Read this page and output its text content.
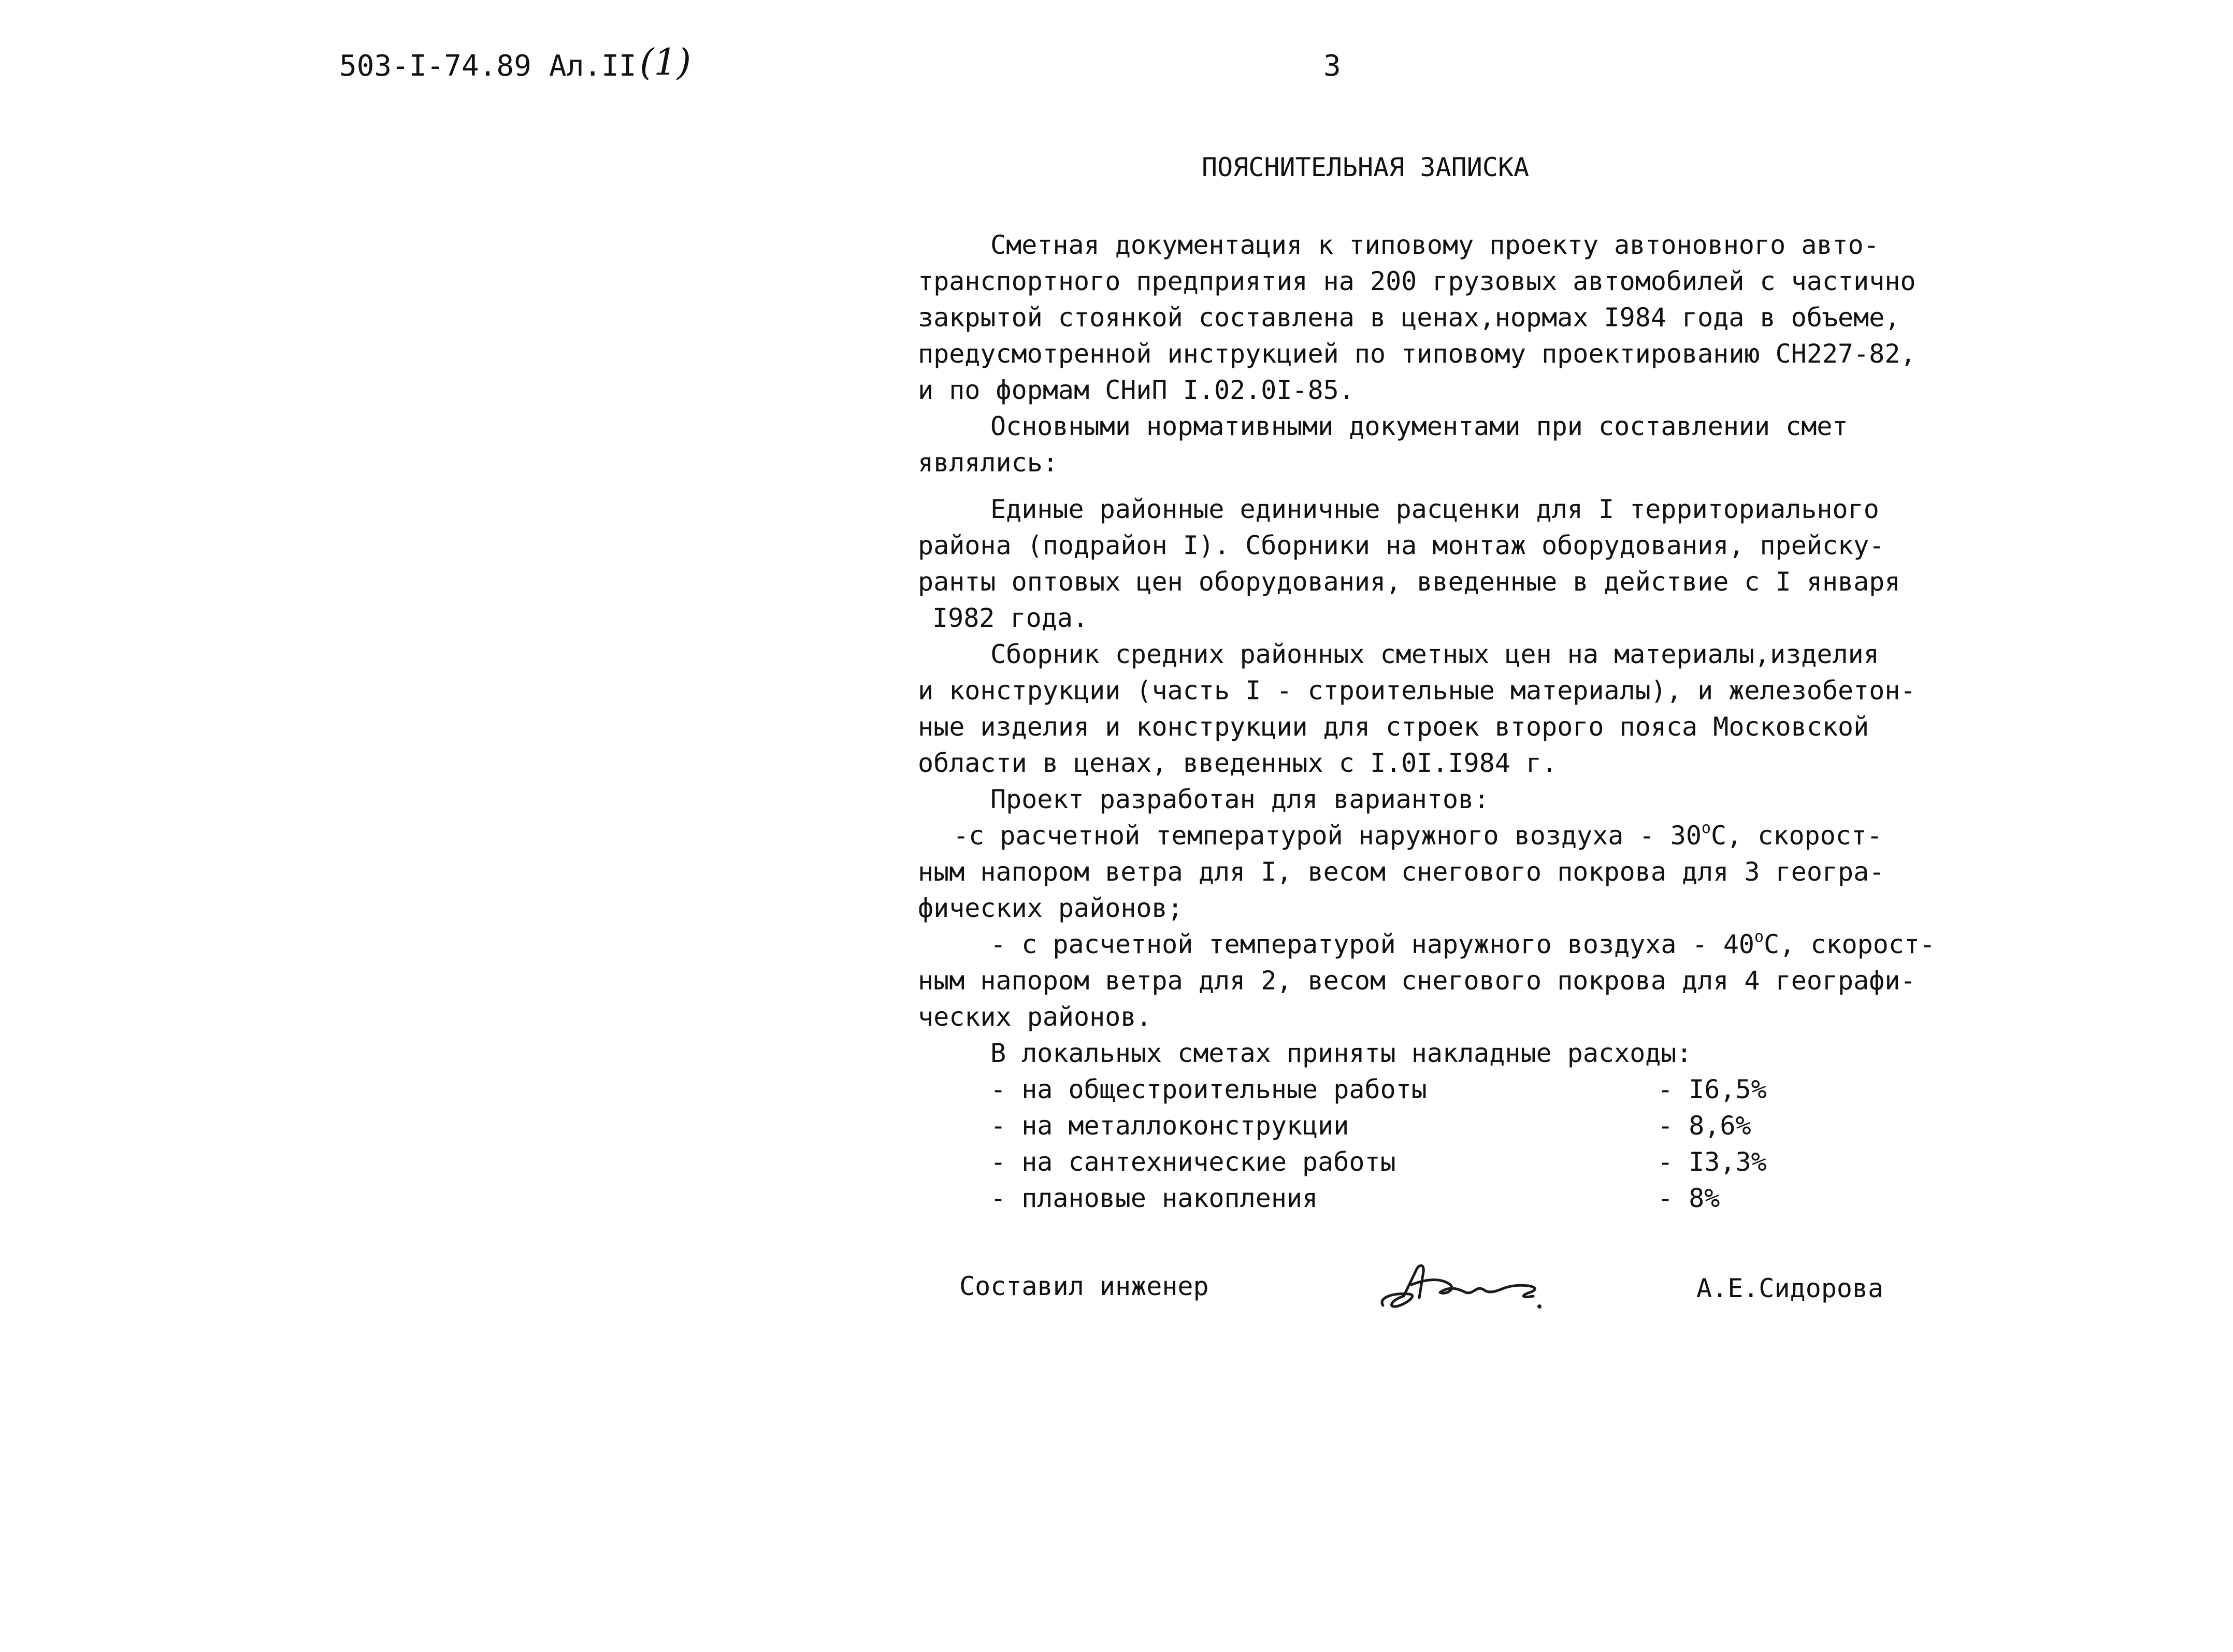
503-I-74.89 Ал.II (1)	3
ПОЯСНИТЕЛЬНАЯ ЗАПИСКА
Сметная документация к типовому проекту автоновного авто-
транспортного предприятия на 200 грузовых автомобилей с частично
закрытой стоянкой составлена в ценах,нормах I984 года в объеме,
предусмотренной инструкцией по типовому проектированию СН227-82,
и по формам СНиП I.02.0I-85.
Основными нормативными документами при составлении смет
являлись:
Единые районные единичные расценки для I территориального
района (подрайон I). Сборники на монтаж оборудования, прейску-
ранты оптовых цен оборудования, введенные в действие с I января
I982 года.
Сборник средних районных сметных цен на материалы,изделия
и конструкции (часть I - строительные материалы), и железобетон-
ные изделия и конструкции для строек второго пояса Московской
области в ценах, введенных с I.0I.I984 г.
Проект разработан для вариантов:
-с расчетной температурой наружного воздуха - 30$^o$С, скорост-
ным напором ветра для I, весом снегового покрова для 3 геогра-
фических районов;
- с расчетной температурой наружного воздуха - 40$^o$С, скорост-
ным напором ветра для 2, весом снегового покрова для 4 географи-
ческих районов.
В локальных сметах приняты накладные расходы:
- на общестроительные работы	- I6,5%
- на металлоконструкции	- 8,6%
- на сантехнические работы	- I3,3%
- плановые накопления	- 8%
Составил инженер	А.Е.Сидорова
